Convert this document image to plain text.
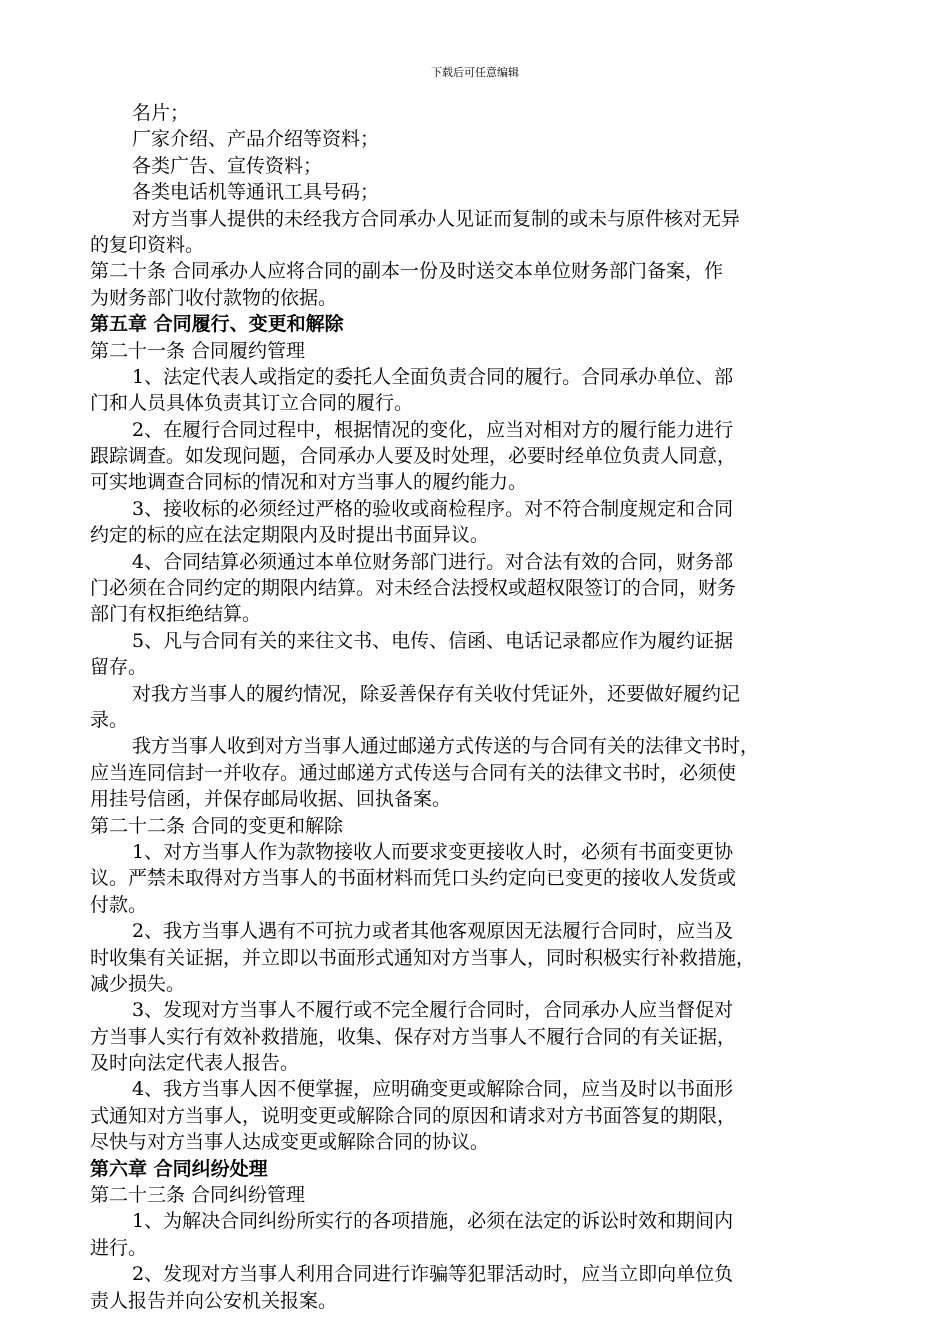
下载后可任意编辑
名片；
厂家介绍、产品介绍等资料；
各类广告、宣传资料；
各类电话机等通讯工具号码；
对方当事人提供的未经我方合同承办人见证而复制的或未与原件核对无异
的复印资料。
第二十条 合同承办人应将合同的副本一份及时送交本单位财务部门备案，作
为财务部门收付款物的依据。
第五章 合同履行、变更和解除
第二十一条 合同履约管理
1、法定代表人或指定的委托人全面负责合同的履行。合同承办单位、部
门和人员具体负责其订立合同的履行。
2、在履行合同过程中，根据情况的变化，应当对相对方的履行能力进行
跟踪调查。如发现问题，合同承办人要及时处理，必要时经单位负责人同意，
可实地调查合同标的情况和对方当事人的履约能力。
3、接收标的必须经过严格的验收或商检程序。对不符合制度规定和合同
约定的标的应在法定期限内及时提出书面异议。
4、合同结算必须通过本单位财务部门进行。对合法有效的合同，财务部
门必须在合同约定的期限内结算。对未经合法授权或超权限签订的合同，财务
部门有权拒绝结算。
5、凡与合同有关的来往文书、电传、信函、电话记录都应作为履约证据
留存。
对我方当事人的履约情况，除妥善保存有关收付凭证外，还要做好履约记
录。
我方当事人收到对方当事人通过邮递方式传送的与合同有关的法律文书时，
应当连同信封一并收存。通过邮递方式传送与合同有关的法律文书时，必须使
用挂号信函，并保存邮局收据、回执备案。
第二十二条 合同的变更和解除
1、对方当事人作为款物接收人而要求变更接收人时，必须有书面变更协
议。严禁未取得对方当事人的书面材料而凭口头约定向已变更的接收人发货或
付款。
2、我方当事人遇有不可抗力或者其他客观原因无法履行合同时，应当及
时收集有关证据，并立即以书面形式通知对方当事人，同时积极实行补救措施，
减少损失。
3、发现对方当事人不履行或不完全履行合同时，合同承办人应当督促对
方当事人实行有效补救措施，收集、保存对方当事人不履行合同的有关证据，
及时向法定代表人报告。
4、我方当事人因不便掌握，应明确变更或解除合同，应当及时以书面形
式通知对方当事人，说明变更或解除合同的原因和请求对方书面答复的期限，
尽快与对方当事人达成变更或解除合同的协议。
第六章 合同纠纷处理
第二十三条 合同纠纷管理
1、为解决合同纠纷所实行的各项措施，必须在法定的诉讼时效和期间内
进行。
2、发现对方当事人利用合同进行诈骗等犯罪活动时，应当立即向单位负
责人报告并向公安机关报案。
